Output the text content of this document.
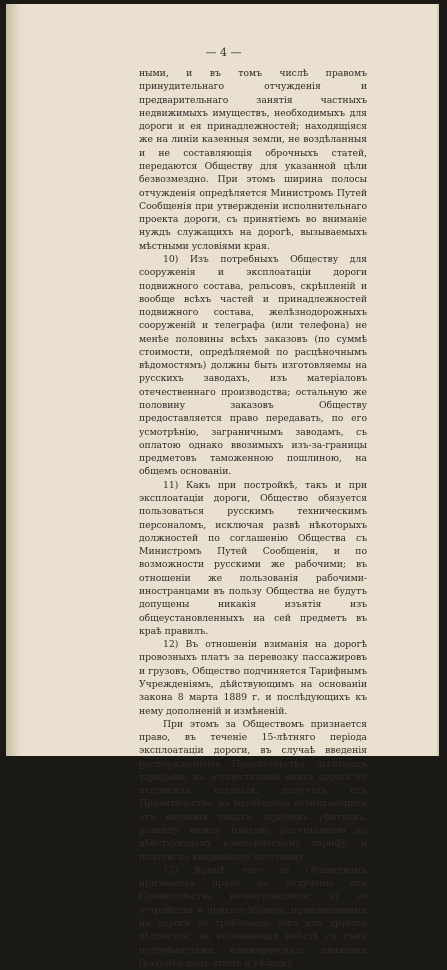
— 4 —

ными, и въ томъ числѣ правомъ принудительнаго отчужденія и предварительнаго занятія частныхъ недвижимыхъ имуществъ, необходимыхъ для дороги и ея принадлежностей; находящіяся же на линіи казенныя земли, не воздѣланныя и не составляющія оброчныхъ статей, передаются Обществу для указанной цѣли безвозмездно. При этомъ ширина полосы отчужденія опредѣляется Министромъ Путей Сообщенія при утвержденіи исполнительнаго проекта дороги, съ принятіемъ во вниманіе нуждъ служащихъ на дорогѣ, вызываемыхъ мѣстными условіями края.

10) Изъ потребныхъ Обществу для сооруженія и эксплоатаціи дороги подвижного состава, рельсовъ, скрѣпленій и вообще всѣхъ частей и принадлежностей подвижного состава, желѣзнодорожныхъ сооруженій и телеграфа (или телефона) не менѣе половины всѣхъ заказовъ (по суммѣ стоимости, опредѣляемой по расцѣночнымъ вѣдомостямъ) должны быть изготовляемы на русскихъ заводахъ, изъ матеріаловъ отечественнаго производства; остальную же половину заказовъ Обществу предоставляется право передавать, по его усмотрѣнію, заграничнымъ заводамъ, съ оплатою однако ввозимыхъ изъ-за-границы предметовъ таможенною пошлиною, на общемъ основаніи.

11) Какъ при постройкѣ, такъ и при эксплоатаціи дороги, Общество обязуется пользоваться русскимъ техническимъ персоналомъ, исключая развѣ нѣкоторыхъ должностей по соглашенію Общества съ Министромъ Путей Сообщенія, и по возможности русскими же рабочими; въ отношеніи же пользованія рабочими-иностранцами въ пользу Общества не будутъ допущены никакія изъятія изъ общеустановленныхъ на сей предметъ въ краѣ правилъ.

12) Въ отношеніи взиманія на дорогѣ провозныхъ платъ за перевозку пассажировъ и грузовъ, Общество подчиняется Тарифнымъ Учрежденіямъ, дѣйствующимъ на основаніи закона 8 марта 1889 г. и послѣдующихъ къ нему дополненій и измѣненій.

При этомъ за Обществомъ признается право, въ теченіе 15-лѣтняго періода эксплоатаціи дороги, въ случаѣ введенія распоряженіемъ Правительства льготныхъ тарифовъ, на осуществленіе коихъ дорога не испросила согласія, получать отъ Правительства, въ возмѣщеніе возникающихъ отъ введенія такихъ тарифовъ убытковъ, разницу между платою, расчитанною по дѣйствующему коммерческому тарифу, и платою по введенному льготному.

13) Кромѣ того за Обществомъ признается право на полученіе отъ Правительства вознагражденія: а) за устройства и приспособленія, произведенныя на дорогѣ по требованію того или другого вѣдомства, не вызываемыя вмѣстѣ съ тѣмъ потребностями коммерческаго движенія (разумѣя подъ этимъ и укладку
